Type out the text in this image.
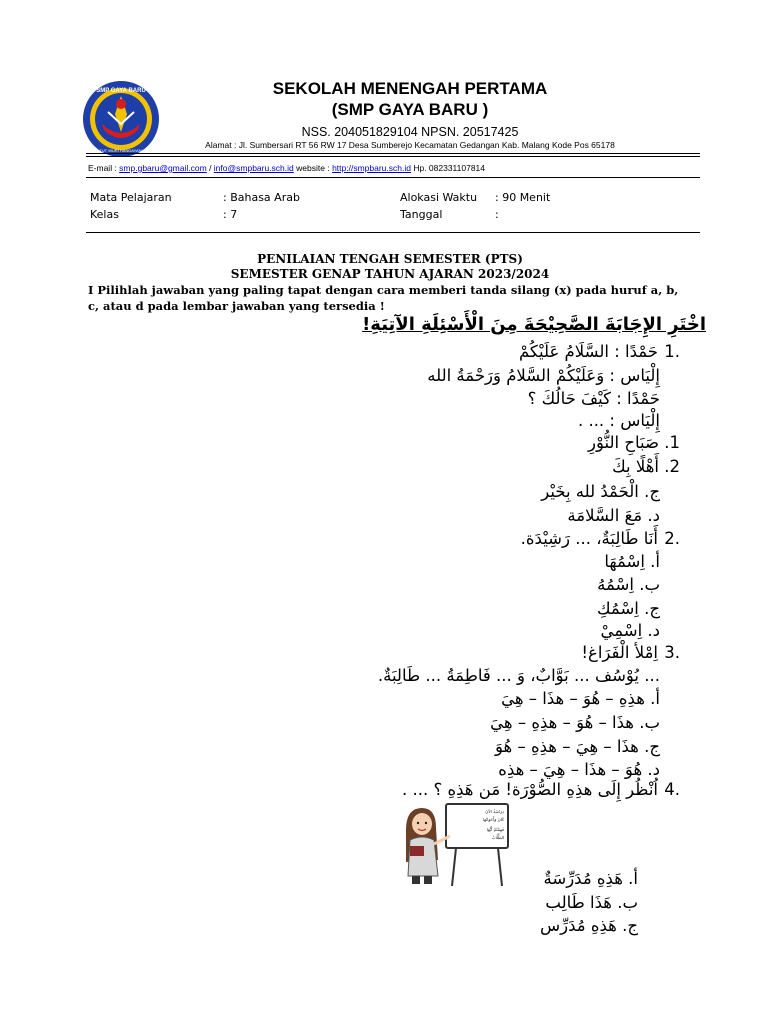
SMP GAYA BARU
TUT WURI HANDAYANI
SEKOLAH MENENGAH PERTAMA
(SMP GAYA BARU )
NSS. 204051829104 NPSN. 20517425
Alamat : Jl. Sumbersari RT 56 RW 17 Desa Sumberejo Kecamatan Gedangan Kab. Malang Kode Pos 65178
E-mail : smp.gbaru@gmail.com / info@smpbaru.sch.id website : http://smpbaru.sch.id Hp. 082331107814
Mata Pelajaran	: Bahasa Arab	Alokasi Waktu : 90 Menit
Kelas	: 7	Tanggal	:
PENILAIAN TENGAH SEMESTER (PTS)
SEMESTER GENAP TAHUN AJARAN 2023/2024
I Pilihlah jawaban yang paling tapat dengan cara memberi tanda silang (x) pada huruf a, b, c, atau d pada lembar jawaban yang tersedia !
اخْتَرِ الإِجَابَةَ الصَّحِيْحَةَ مِنَ الْأَسْئِلَةِ الآتِيَةِ!
1.
حَمْدًا : السَّلَامُ عَلَيْكُمْ
إِلْيَاس : وَعَلَيْكُمْ السَّلامُ وَرَحْمَةُ الله
حَمْدًا : كَيْفَ حَالُكَ ؟
إِلْيَاس : ... .
1. صَبَاحِ النُّوْرِ
2. أَهْلًا بِكَ
ج. الْحَمْدُ لله بِخَيْر
د. مَعَ السَّلامَة
2.
أَنَا طَالِبَةٌ، ... رَشِيْدَة.
أ. اِسْمُهَا
ب. اِسْمُهُ
ج. اِسْمُكِ
د. اِسْمِيْ
3.
اِمْلأ الْفَرَاغ!
... يُوْسُف ... بَوَّابٌ، وَ ... فَاطِمَةُ ... طَالِبَةٌ.
أ. هذِهِ – هُوَ – هذَا – هِيَ
ب. هذَا – هُوَ – هذِهِ – هِيَ
ج. هذَا – هِيَ – هذِهِ – هُوَ
د. هُوَ – هذَا – هِيَ – هذِه
4.
اُنْظُر إِلَى هذِهِ الصُّوْرَة! مَن هَذِهِ ؟ ... .
دِرَاسَةُ الآنَ
كَانَ وَأَخَوَاتُهَا
فَهِمْتُمْ أَيُّهَا
الطُّلَّابُ
أ. هَذِهِ مُدَرِّسَةٌ
ب. هَذَا طَالِب
ج. هَذِهِ مُدَرِّس
